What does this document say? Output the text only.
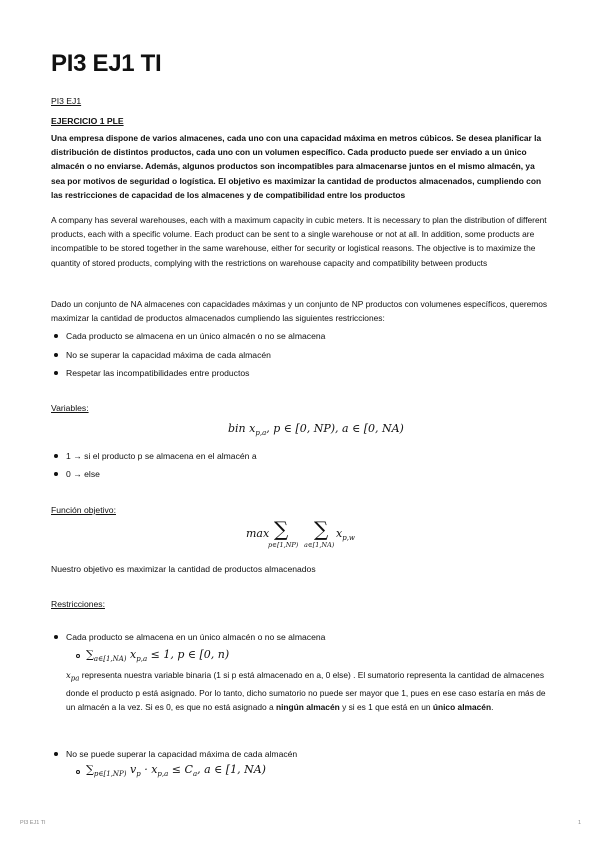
PI3 EJ1 TI
PI3 EJ1
EJERCICIO 1 PLE

Una empresa dispone de varios almacenes, cada uno con una capacidad máxima en metros cúbicos. Se desea planificar la distribución de distintos productos, cada uno con un volumen específico. Cada producto puede ser enviado a un único almacén o no enviarse. Además, algunos productos son incompatibles para almacenarse juntos en el mismo almacén, ya sea por motivos de seguridad o logística. El objetivo es maximizar la cantidad de productos almacenados, cumpliendo con las restricciones de capacidad de los almacenes y de compatibilidad entre los productos

A company has several warehouses, each with a maximum capacity in cubic meters. It is necessary to plan the distribution of different products, each with a specific volume. Each product can be sent to a single warehouse or not at all. In addition, some products are incompatible to be stored together in the same warehouse, either for security or logistical reasons. The objective is to maximize the quantity of stored products, complying with the restrictions on warehouse capacity and compatibility between products

Dado un conjunto de NA almacenes con capacidades máximas y un conjunto de NP productos con volumenes específicos, queremos maximizar la cantidad de productos almacenados cumpliendo las siguientes restricciones:

Cada producto se almacena en un único almacén o no se almacena
No se superar la capacidad máxima de cada almacén
Respetar las incompatibilidades entre productos
Variables:
bin $x_{p,a}$, p ∈ [0, NP), a ∈ [0, NA)
1 → si el producto p se almacena en el almacén a
0 → else
Función objetivo:
max ∑
p∈[1,NP)
∑
a∈[1,NA)
$x_{p,w}$
Nuestro objetivo es maximizar la cantidad de productos almacenados
Restricciones:
Cada producto se almacena en un único almacén o no se almacena
$\sum_{a\in[1,NA)}$ $x_{p,a} \le 1$, p ∈ [0, n)

$x_{pa}$ representa nuestra variable binaria (1 si p está almacenado en a, 0 else) . El sumatorio representa la cantidad de almacenes donde el producto p está asignado. Por lo tanto, dicho sumatorio no puede ser mayor que 1, pues en ese caso estaría en más de un almacén a la vez. Si es 0, es que no está asignado a ningún almacén y si es 1 que está en un único almacén.

No se puede superar la capacidad máxima de cada almacén
$\sum_{p\in[1,NP)}$ $v_p \cdot x_{p,a} \le C_a$, a ∈ [1, NA)
PI3 EJ1 TI	1
